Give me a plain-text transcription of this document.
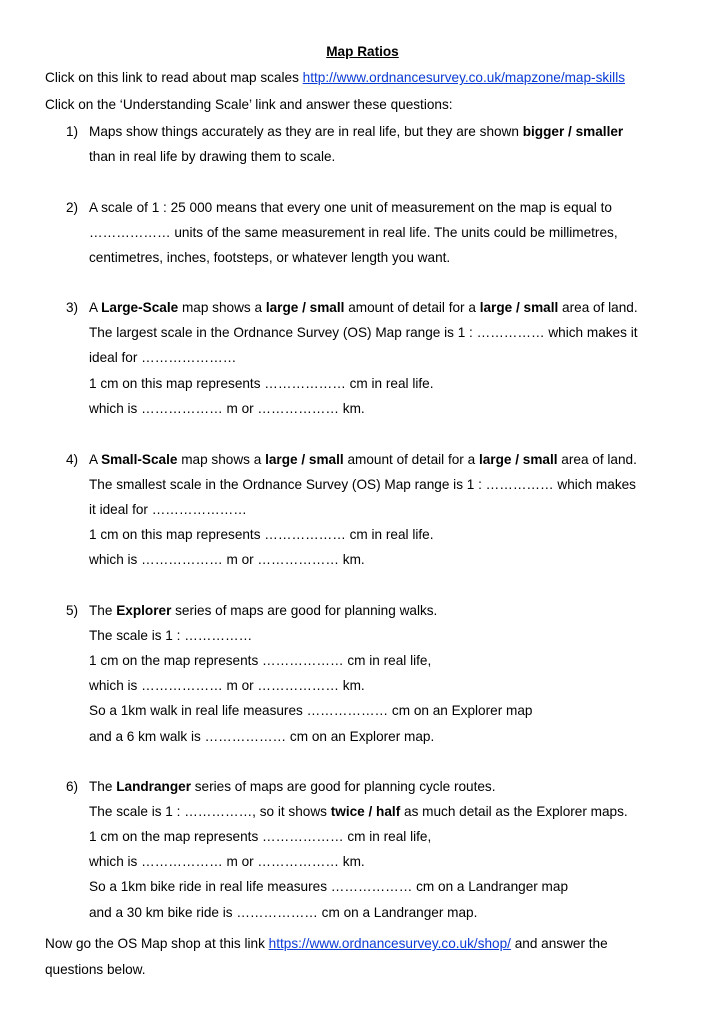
Map Ratios
Click on this link to read about map scales http://www.ordnancesurvey.co.uk/mapzone/map-skills
Click on the ‘Understanding Scale’ link and answer these questions:
1) Maps show things accurately as they are in real life, but they are shown bigger / smaller
than in real life by drawing them to scale.
2) A scale of 1 : 25 000 means that every one unit of measurement on the map is equal to
……………… units of the same measurement in real life. The units could be millimetres,
centimetres, inches, footsteps, or whatever length you want.
3) A Large-Scale map shows a large / small amount of detail for a large / small area of land.
The largest scale in the Ordnance Survey (OS) Map range is 1 : …………… which makes it
ideal for …………………
1 cm on this map represents ……………… cm in real life.
which is ……………… m or ……………… km.
4) A Small-Scale map shows a large / small amount of detail for a large / small area of land.
The smallest scale in the Ordnance Survey (OS) Map range is 1 : …………… which makes
it ideal for …………………
1 cm on this map represents ……………… cm in real life.
which is ……………… m or ……………… km.
5) The Explorer series of maps are good for planning walks.
The scale is 1 : ……………
1 cm on the map represents ……………… cm in real life,
which is ……………… m or ……………… km.
So a 1km walk in real life measures ……………… cm on an Explorer map
and a 6 km walk is ……………… cm on an Explorer map.
6) The Landranger series of maps are good for planning cycle routes.
The scale is 1 : ……………, so it shows twice / half as much detail as the Explorer maps.
1 cm on the map represents ……………… cm in real life,
which is ……………… m or ……………… km.
So a 1km bike ride in real life measures ……………… cm on a Landranger map
and a 30 km bike ride is ……………… cm on a Landranger map.
Now go the OS Map shop at this link https://www.ordnancesurvey.co.uk/shop/ and answer the
questions below.
